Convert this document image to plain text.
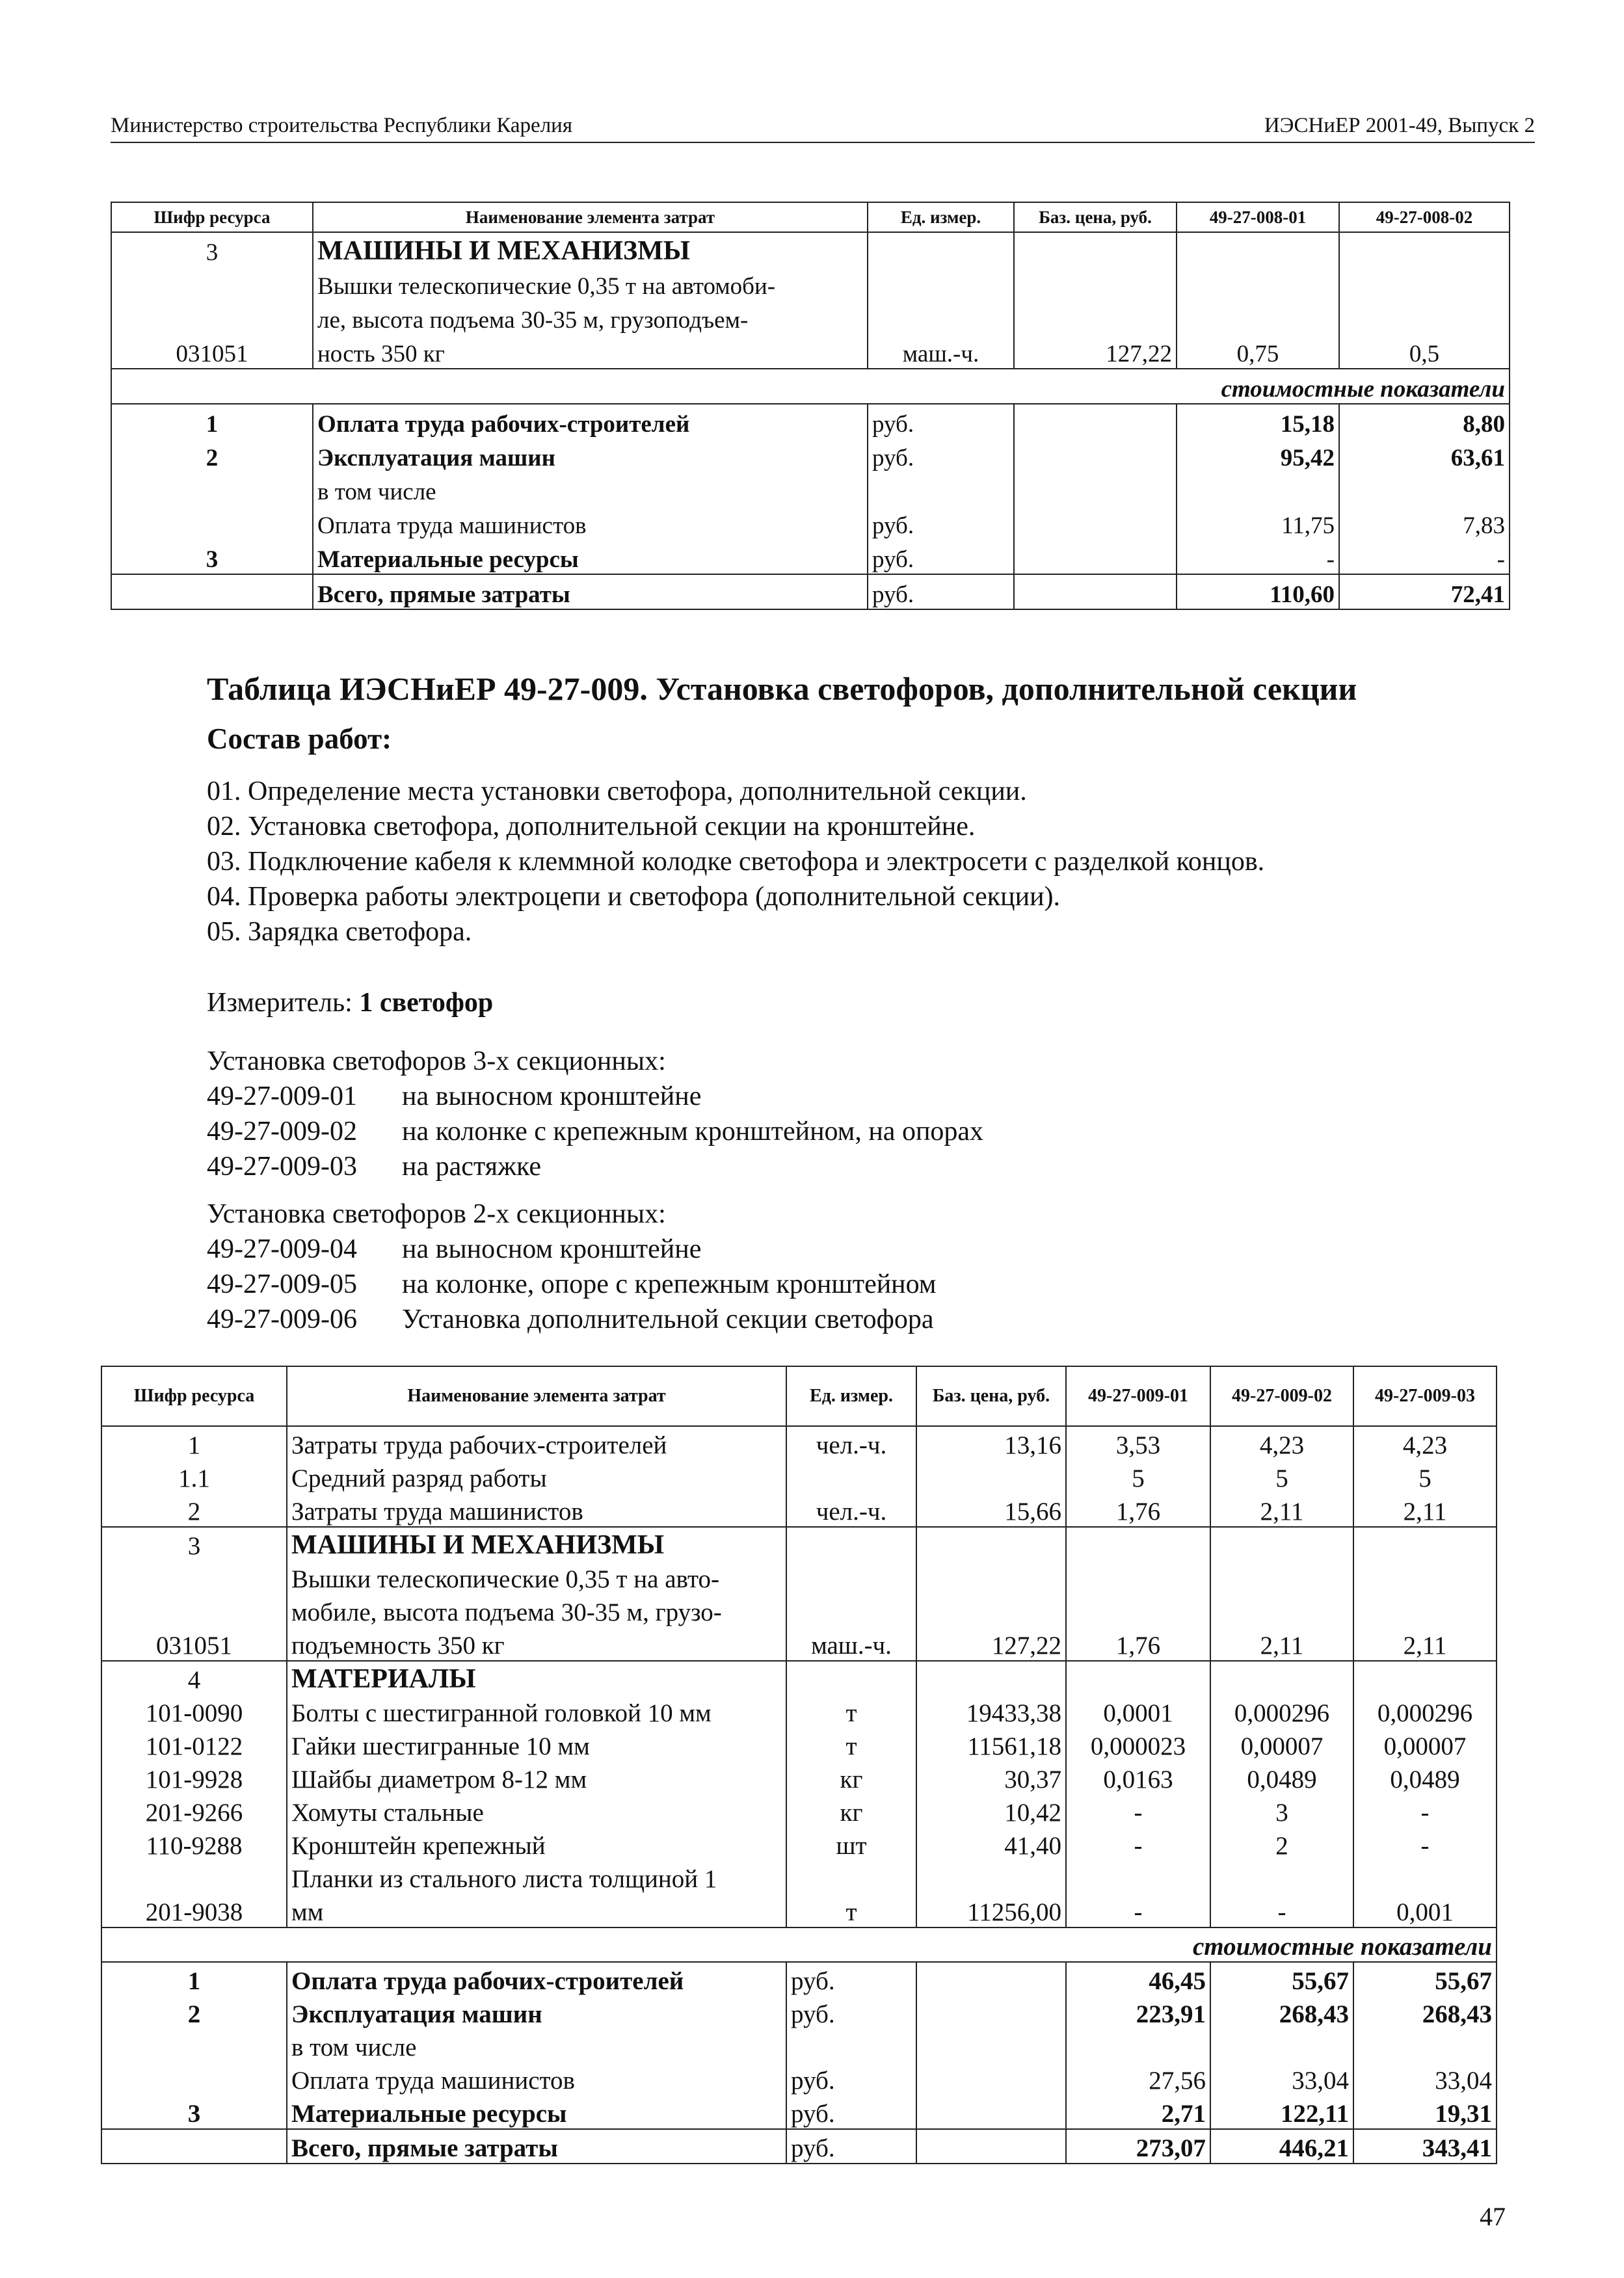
Министерство строительства Республики Карелия	ИЭСНиЕР 2001-49, Выпуск 2
Шифр ресурса	Наименование элемента затрат	Ед. измер.	Баз. цена, руб.	49-27-008-01	49-27-008-02
3	МАШИНЫ И МЕХАНИЗМЫ				
	Вышки телескопические 0,35 т на автомоби-				
	ле, высота подъема 30-35 м, грузоподъем-				
031051	ность 350 кг	маш.-ч.	127,22	0,75	0,5
стоимостные показатели					
1	Оплата труда рабочих-строителей	руб.		15,18	8,80
2	Эксплуатация машин	руб.		95,42	63,61
	в том числе				
	Оплата труда машинистов	руб.		11,75	7,83
3	Материальные ресурсы	руб.		-	-
	Всего, прямые затраты	руб.		110,60	72,41
Таблица ИЭСНиЕР 49-27-009. Установка светофоров, дополнительной секции
Состав работ:
01. Определение места установки светофора, дополнительной секции.
02. Установка светофора, дополнительной секции на кронштейне.
03. Подключение кабеля к клеммной колодке светофора и электросети с разделкой концов.
04. Проверка работы электроцепи и светофора (дополнительной секции).
05. Зарядка светофора.
Измеритель: 1 светофор
Установка светофоров 3-х секционных:
49-27-009-01 на выносном кронштейне
49-27-009-02 на колонке с крепежным кронштейном, на опорах
49-27-009-03 на растяжке
Установка светофоров 2-х секционных:
49-27-009-04 на выносном кронштейне
49-27-009-05 на колонке, опоре с крепежным кронштейном
49-27-009-06 Установка дополнительной секции светофора
Шифр ресурса	Наименование элемента затрат	Ед. измер.	Баз. цена, руб.	49-27-009-01	49-27-009-02	49-27-009-03
1	Затраты труда рабочих-строителей	чел.-ч.	13,16	3,53	4,23	4,23
1.1	Средний разряд работы			5	5	5
2	Затраты труда машинистов	чел.-ч.	15,66	1,76	2,11	2,11
3	МАШИНЫ И МЕХАНИЗМЫ					
	Вышки телескопические 0,35 т на авто-					
	мобиле, высота подъема 30-35 м, грузо-					
031051	подъемность 350 кг	маш.-ч.	127,22	1,76	2,11	2,11
4	МАТЕРИАЛЫ					
101-0090	Болты с шестигранной головкой 10 мм	т	19433,38	0,0001	0,000296	0,000296
101-0122	Гайки шестигранные 10 мм	т	11561,18	0,000023	0,00007	0,00007
101-9928	Шайбы диаметром 8-12 мм	кг	30,37	0,0163	0,0489	0,0489
201-9266	Хомуты стальные	кг	10,42	-	3	-
110-9288	Кронштейн крепежный	шт	41,40	-	2	-
	Планки из стального листа толщиной 1					
201-9038	мм	т	11256,00	-	-	0,001
стоимостные показатели						
1	Оплата труда рабочих-строителей	руб.		46,45	55,67	55,67
2	Эксплуатация машин	руб.		223,91	268,43	268,43
	в том числе					
	Оплата труда машинистов	руб.		27,56	33,04	33,04
3	Материальные ресурсы	руб.		2,71	122,11	19,31
	Всего, прямые затраты	руб.		273,07	446,21	343,41
47
